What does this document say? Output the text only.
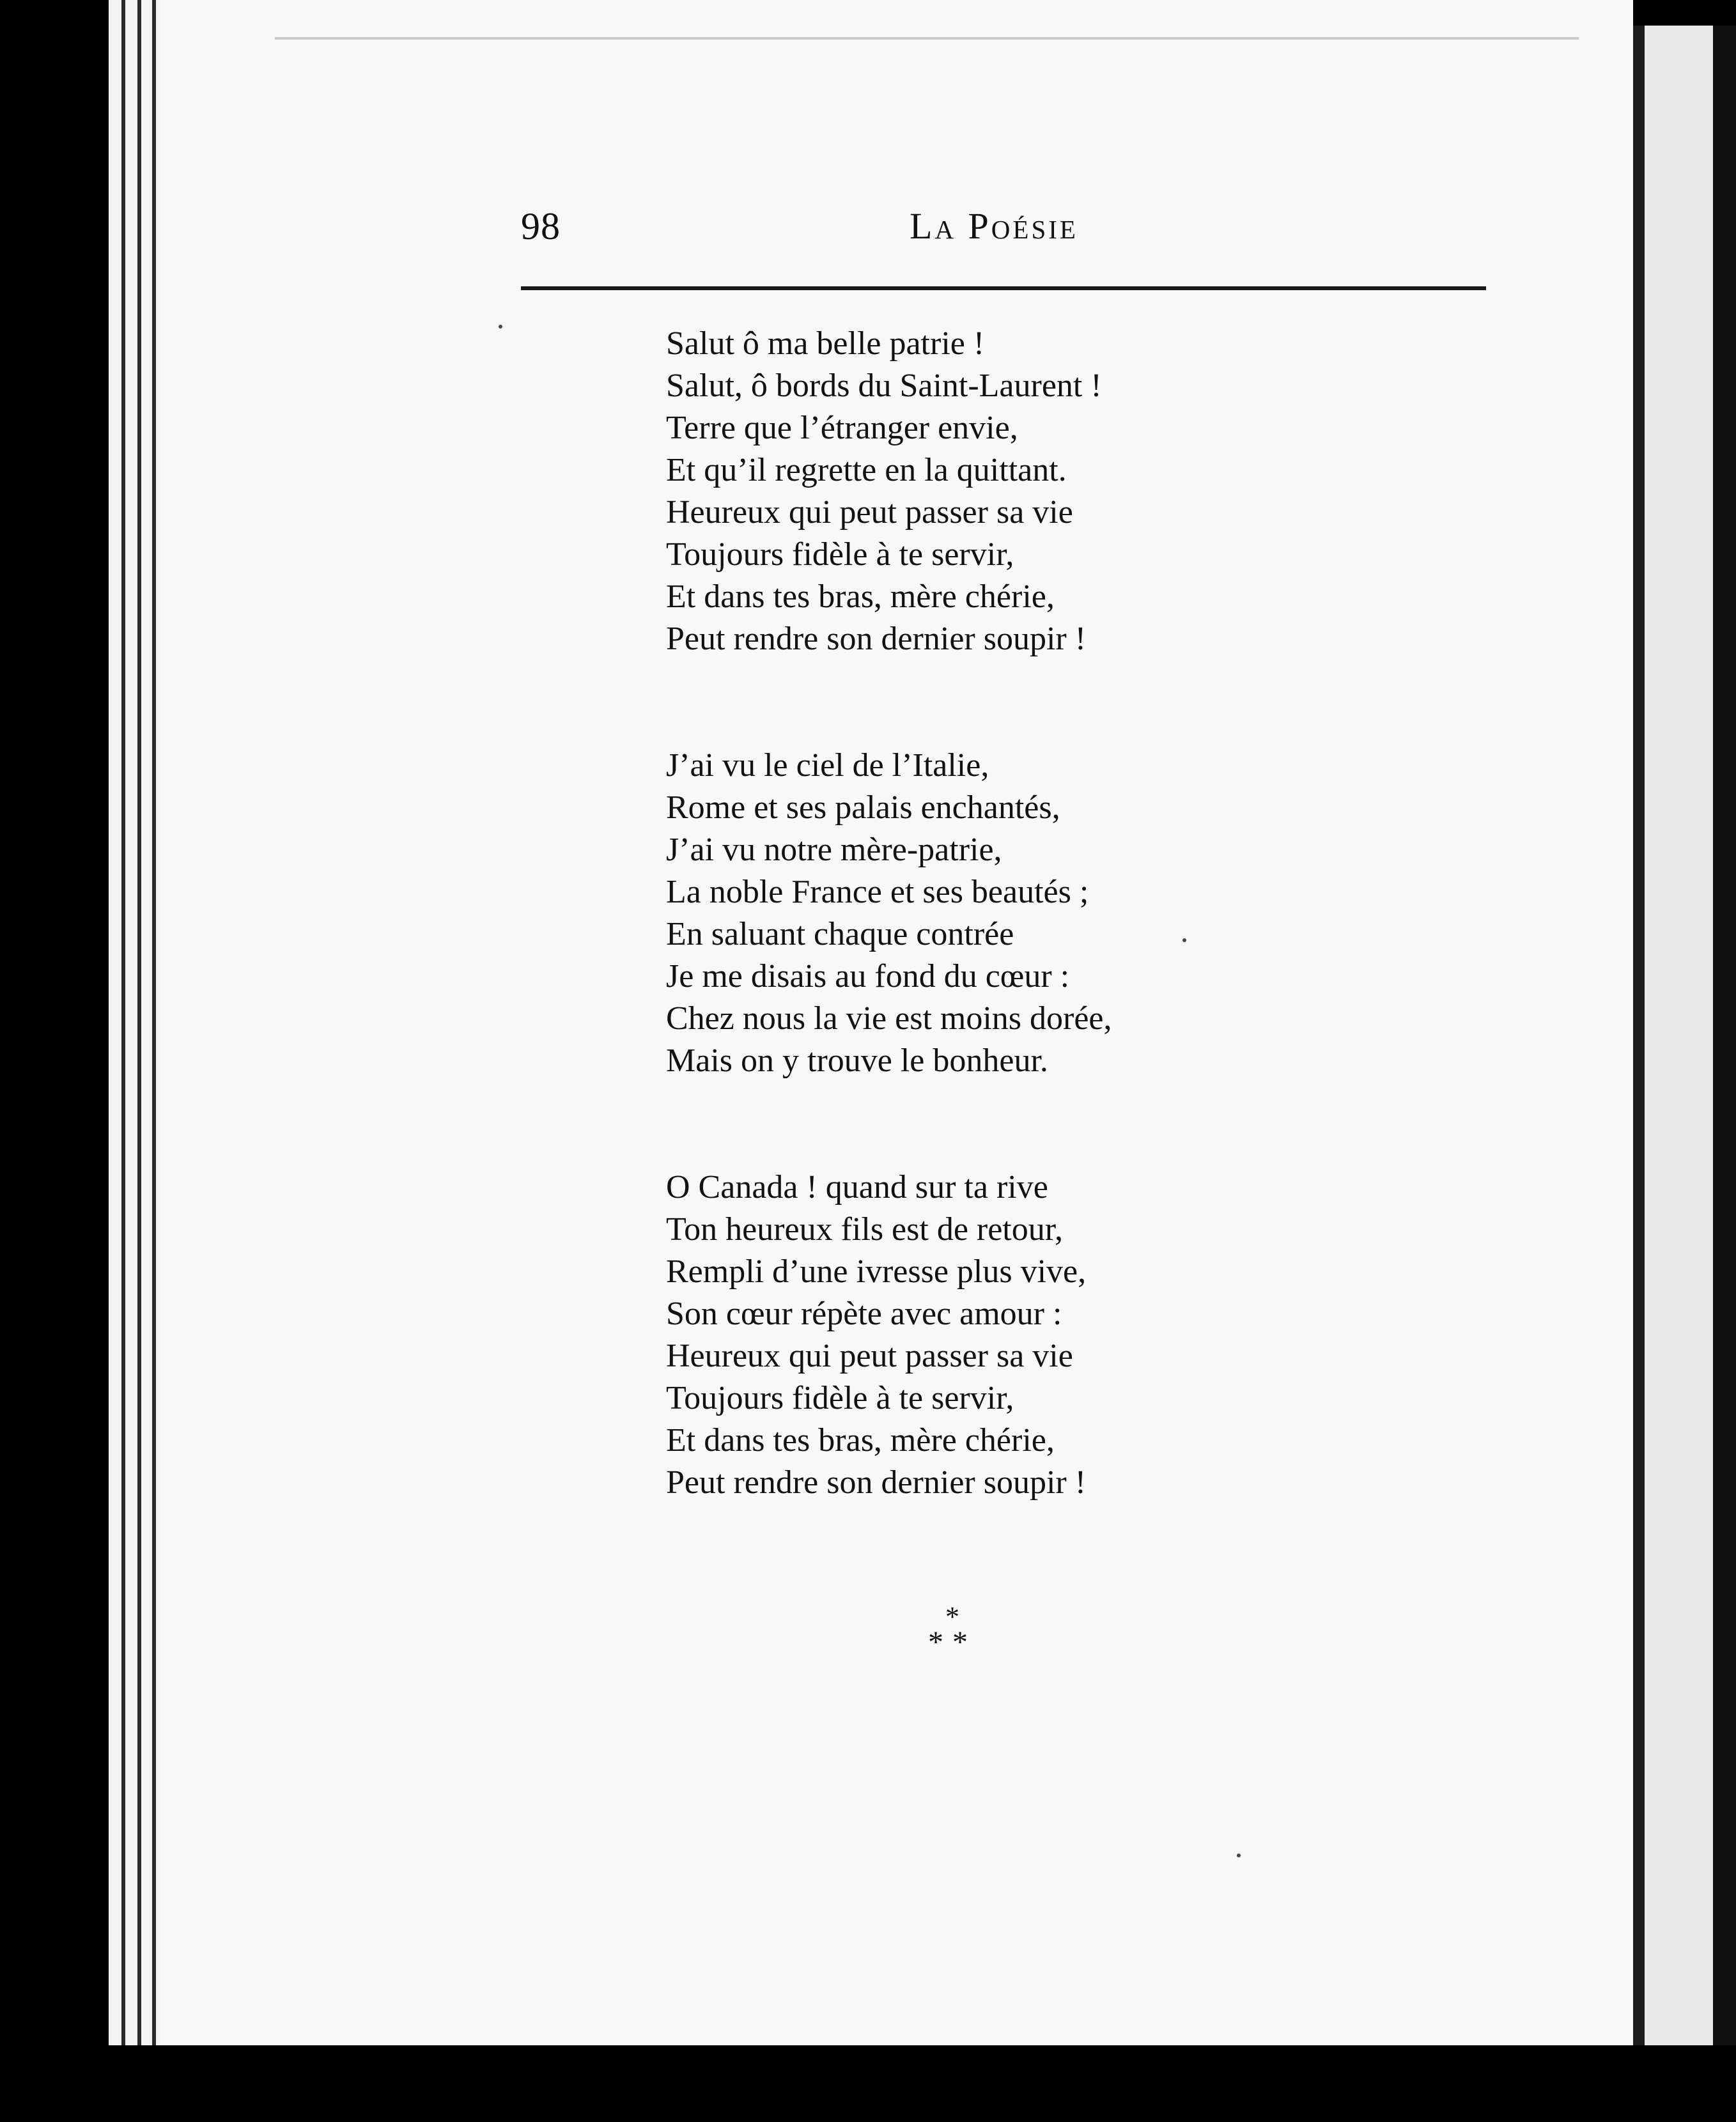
98	La Poésie
Salut ô ma belle patrie !
Salut, ô bords du Saint-Laurent !
Terre que l’étranger envie,
Et qu’il regrette en la quittant.
Heureux qui peut passer sa vie
Toujours fidèle à te servir,
Et dans tes bras, mère chérie,
Peut rendre son dernier soupir !
J’ai vu le ciel de l’Italie,
Rome et ses palais enchantés,
J’ai vu notre mère-patrie,
La noble France et ses beautés ;
En saluant chaque contrée
Je me disais au fond du cœur :
Chez nous la vie est moins dorée,
Mais on y trouve le bonheur.
O Canada ! quand sur ta rive
Ton heureux fils est de retour,
Rempli d’une ivresse plus vive,
Son cœur répète avec amour :
Heureux qui peut passer sa vie
Toujours fidèle à te servir,
Et dans tes bras, mère chérie,
Peut rendre son dernier soupir !
*
**
